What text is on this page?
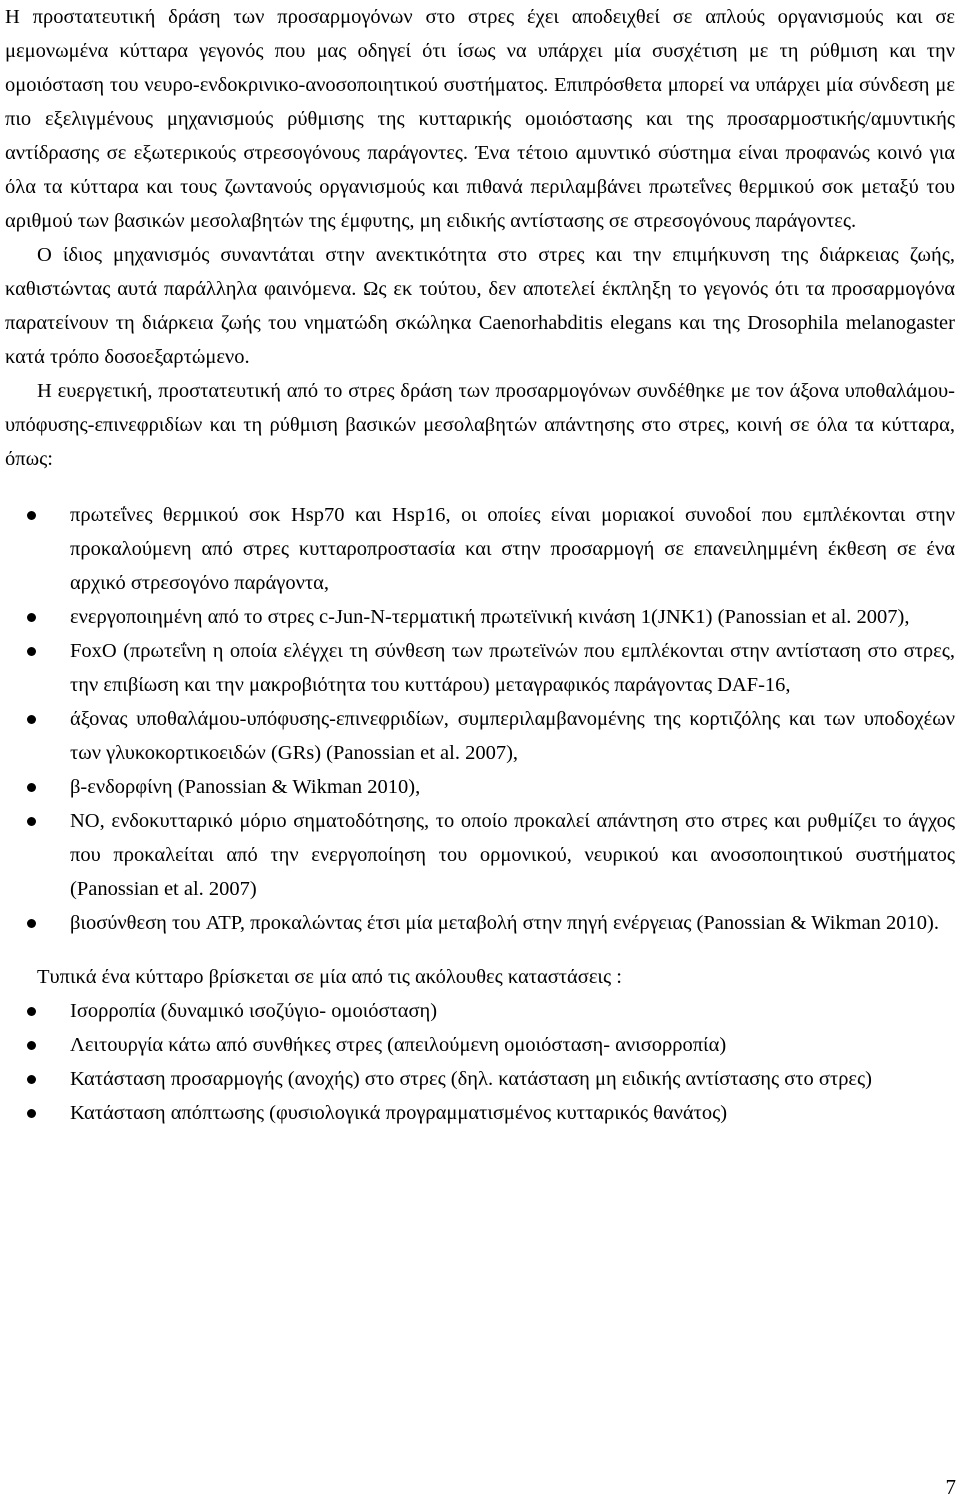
Η προστατευτική δράση των προσαρμογόνων στο στρες έχει αποδειχθεί σε απλούς οργανισμούς και σε μεμονωμένα κύτταρα γεγονός που μας οδηγεί ότι ίσως να υπάρχει μία συσχέτιση με τη ρύθμιση και την ομοιόσταση του νευρο-ενδοκρινικο-ανοσοποιητικού συστήματος. Επιπρόσθετα μπορεί να υπάρχει μία σύνδεση με πιο εξελιγμένους μηχανισμούς ρύθμισης της κυτταρικής ομοιόστασης και της προσαρμοστικής/αμυντικής αντίδρασης σε εξωτερικούς στρεσογόνους παράγοντες. Ένα τέτοιο αμυντικό σύστημα είναι προφανώς κοινό για όλα τα κύτταρα και τους ζωντανούς οργανισμούς και πιθανά περιλαμβάνει πρωτεΐνες θερμικού σοκ μεταξύ του αριθμού των βασικών μεσολαβητών της έμφυτης, μη ειδικής αντίστασης σε στρεσογόνους παράγοντες.

Ο ίδιος μηχανισμός συναντάται στην ανεκτικότητα στο στρες και την επιμήκυνση της διάρκειας ζωής, καθιστώντας αυτά παράλληλα φαινόμενα. Ως εκ τούτου, δεν αποτελεί έκπληξη το γεγονός ότι τα προσαρμογόνα παρατείνουν τη διάρκεια ζωής του νηματώδη σκώληκα Caenorhabditis elegans και της Drosophila melanogaster κατά τρόπο δοσοεξαρτώμενο.

Η ευεργετική, προστατευτική από το στρες δράση των προσαρμογόνων συνδέθηκε με τον άξονα υποθαλάμου-υπόφυσης-επινεφριδίων και τη ρύθμιση βασικών μεσολαβητών απάντησης στο στρες, κοινή σε όλα τα κύτταρα, όπως:

πρωτεΐνες θερμικού σοκ Hsp70 και Hsp16, οι οποίες είναι μοριακοί συνοδοί που εμπλέκονται στην προκαλούμενη από στρες κυτταροπροστασία και στην προσαρμογή σε επανειλημμένη έκθεση σε ένα αρχικό στρεσογόνο παράγοντα,
ενεργοποιημένη από το στρες c-Jun-N-τερματική πρωτεϊνική κινάση 1(JNK1) (Panossian et al. 2007),
FoxO (πρωτεΐνη η οποία ελέγχει τη σύνθεση των πρωτεϊνών που εμπλέκονται στην αντίσταση στο στρες, την επιβίωση και την μακροβιότητα του κυττάρου) μεταγραφικός παράγοντας DAF-16,
άξονας υποθαλάμου-υπόφυσης-επινεφριδίων, συμπεριλαμβανομένης της κορτιζόλης και των υποδοχέων των γλυκοκορτικοειδών (GRs) (Panossian et al. 2007),
β-ενδορφίνη (Panossian & Wikman 2010),
NO, ενδοκυτταρικό μόριο σηματοδότησης, το οποίο προκαλεί απάντηση στο στρες και ρυθμίζει το άγχος που προκαλείται από την ενεργοποίηση του ορμονικού, νευρικού και ανοσοποιητικού συστήματος (Panossian et al. 2007)
βιοσύνθεση του ATP, προκαλώντας έτσι μία μεταβολή στην πηγή ενέργειας (Panossian & Wikman 2010).

Τυπικά ένα κύτταρο βρίσκεται σε μία από τις ακόλουθες καταστάσεις :

Ισορροπία (δυναμικό ισοζύγιο- ομοιόσταση)
Λειτουργία κάτω από συνθήκες στρες (απειλούμενη ομοιόσταση- ανισορροπία)
Κατάσταση προσαρμογής (ανοχής) στο στρες (δηλ. κατάσταση μη ειδικής αντίστασης στο στρες)
Κατάσταση απόπτωσης (φυσιολογικά προγραμματισμένος κυτταρικός θανάτος)
7
